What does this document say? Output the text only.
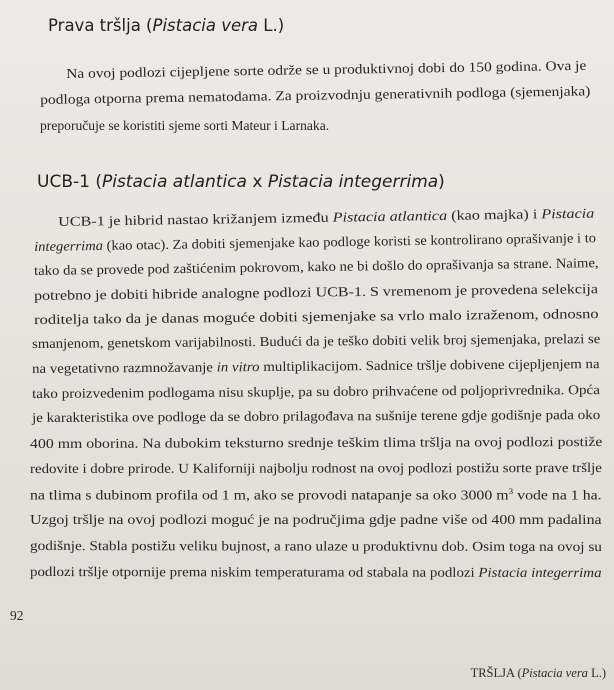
Prava tršlja (Pistacia vera L.)
Na ovoj podlozi cijepljene sorte održe se u produktivnoj dobi do 150 godina. Ova je
podloga otporna prema nematodama. Za proizvodnju generativnih podloga (sjemenjaka)
preporučuje se koristiti sjeme sorti Mateur i Larnaka.
UCB-1 (Pistacia atlantica x Pistacia integerrima)
UCB-1 je hibrid nastao križanjem između Pistacia atlantica (kao majka) i Pistacia
integerrima (kao otac). Za dobiti sjemenjake kao podloge koristi se kontrolirano oprašivanje i to
tako da se provede pod zaštićenim pokrovom, kako ne bi došlo do oprašivanja sa strane. Naime,
potrebno je dobiti hibride analogne podlozi UCB-1. S vremenom je provedena selekcija
roditelja tako da je danas moguće dobiti sjemenjake sa vrlo malo izraženom, odnosno
smanjenom, genetskom varijabilnosti. Budući da je teško dobiti velik broj sjemenjaka, prelazi se
na vegetativno razmnožavanje in vitro multiplikacijom. Sadnice tršlje dobivene cijepljenjem na
tako proizvedenim podlogama nisu skuplje, pa su dobro prihvaćene od poljoprivrednika. Opća
je karakteristika ove podloge da se dobro prilagođava na sušnije terene gdje godišnje pada oko
400 mm oborina. Na dubokim teksturno srednje teškim tlima tršlja na ovoj podlozi postiže
redovite i dobre prirode. U Kaliforniji najbolju rodnost na ovoj podlozi postižu sorte prave tršlje
na tlima s dubinom profila od 1 m, ako se provodi natapanje sa oko 3000 $m^3$ vode na 1 ha.
Uzgoj tršlje na ovoj podlozi moguć je na područjima gdje padne više od 400 mm padalina
godišnje. Stabla postižu veliku bujnost, a rano ulaze u produktivnu dob. Osim toga na ovoj su
podlozi tršlje otpornije prema niskim temperaturama od stabala na podlozi Pistacia integerrima
92
TRŠLJA (Pistacia vera L.)
